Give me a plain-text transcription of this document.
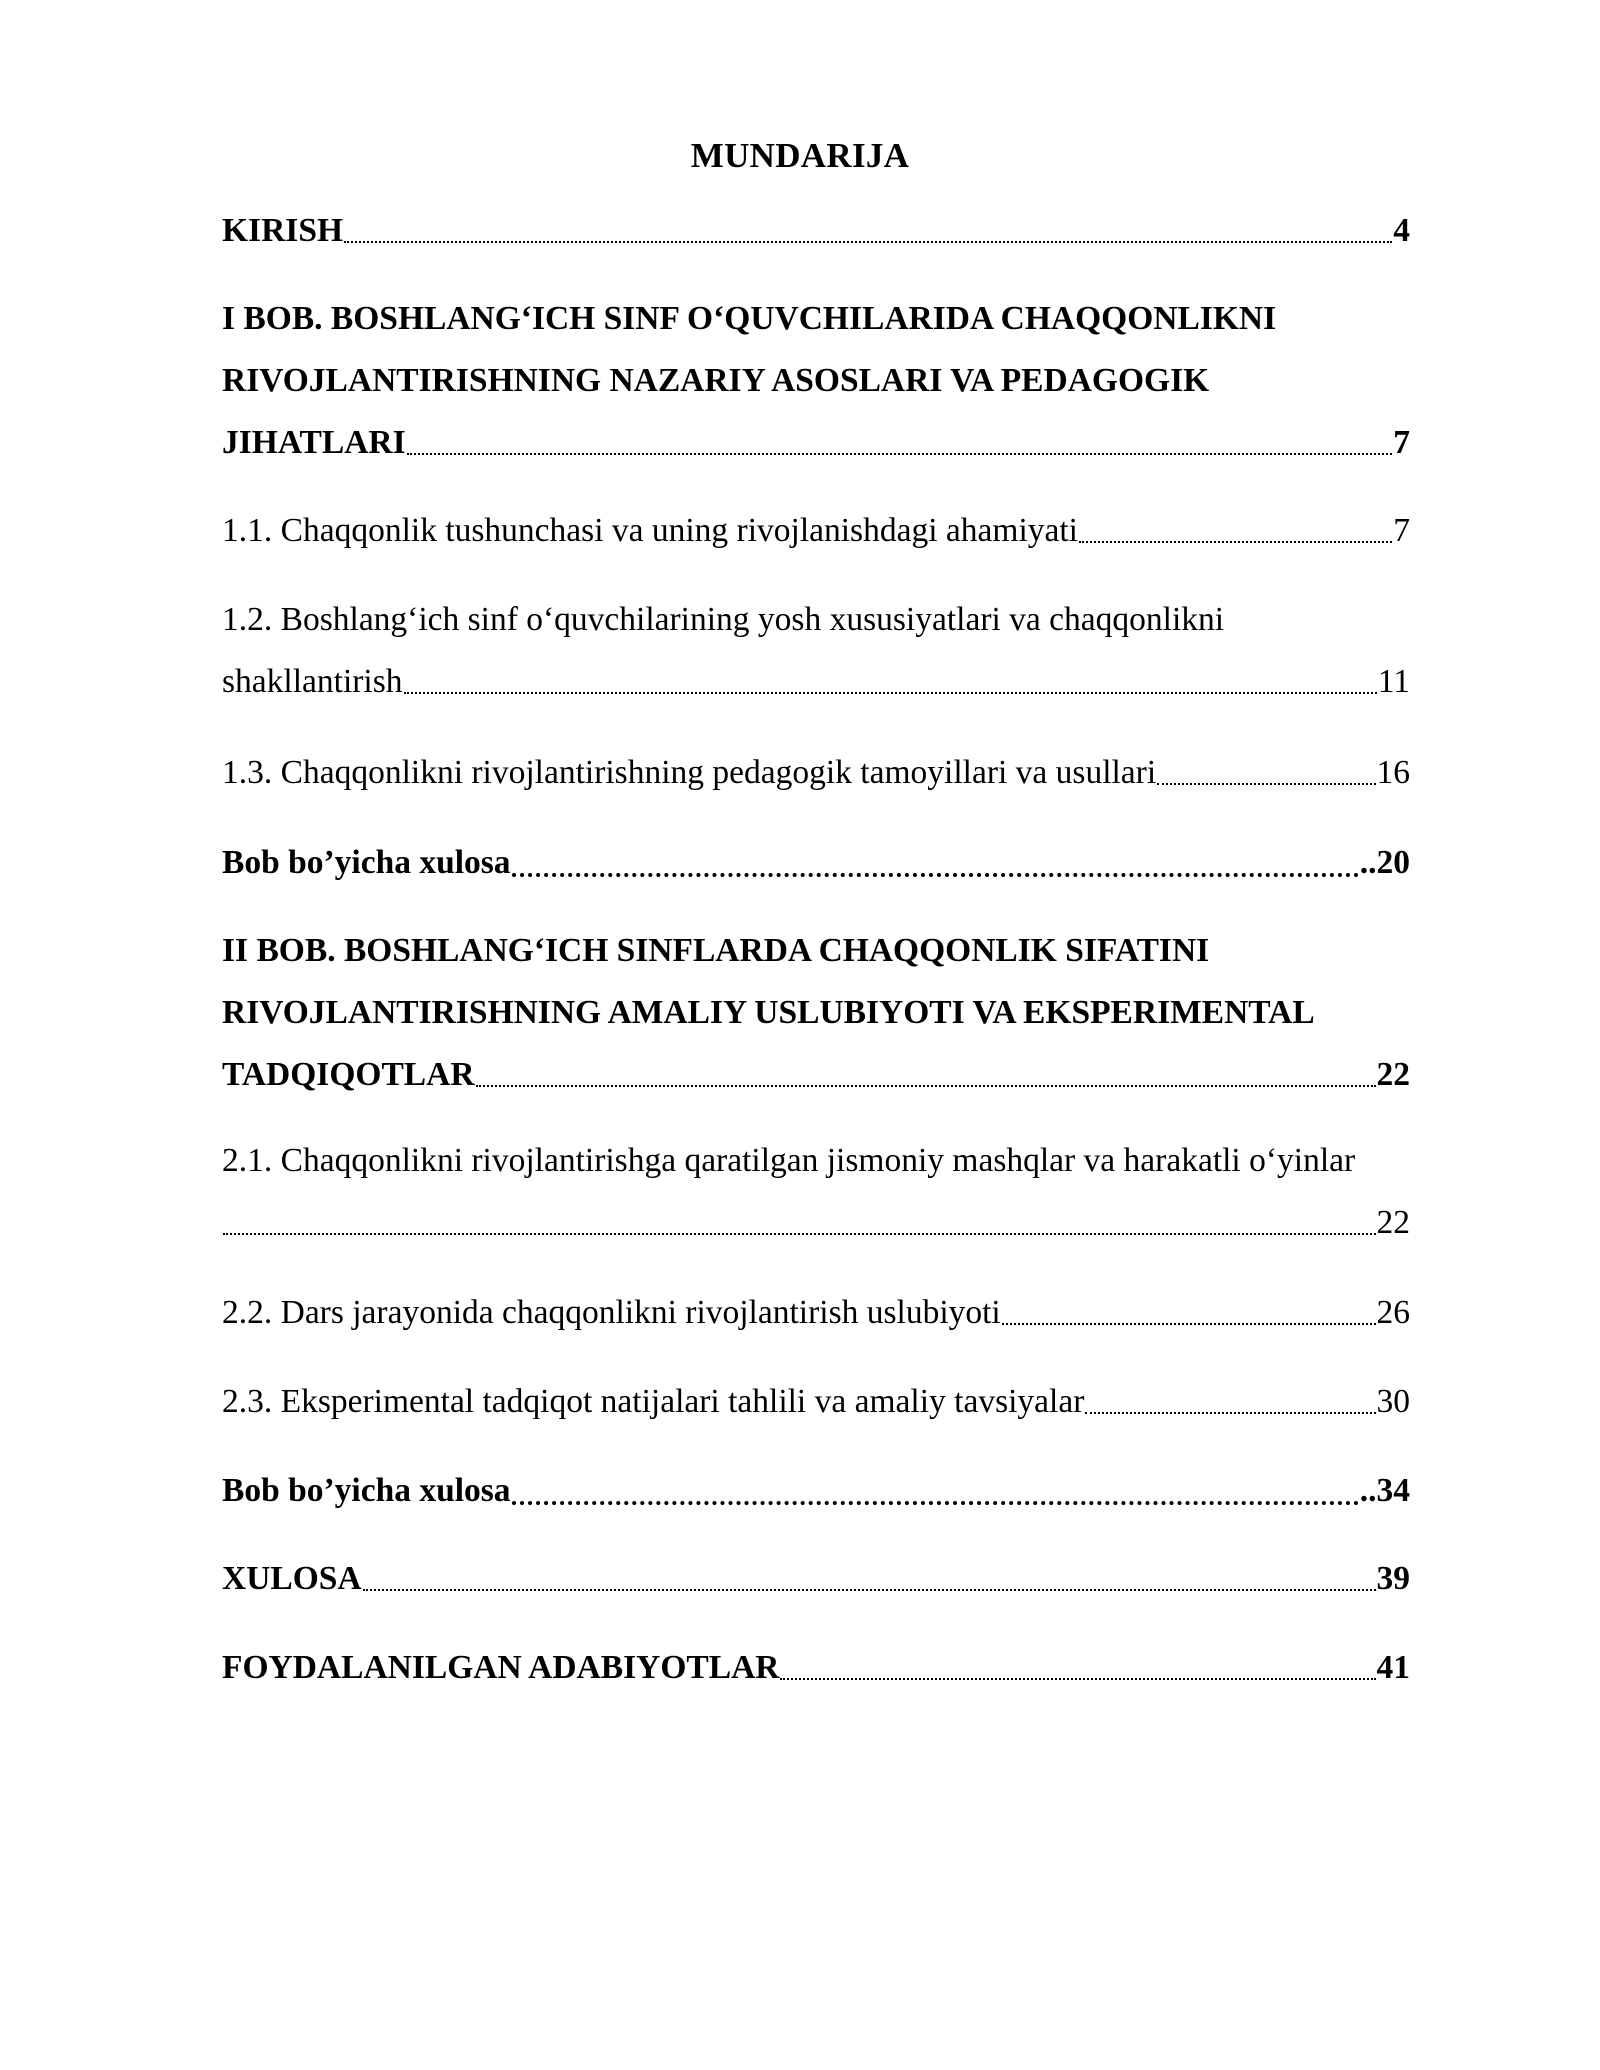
MUNDARIJA
KIRISH	4
I BOB. BOSHLANG‘ICH SINF O‘QUVCHILARIDA CHAQQONLIKNI
RIVOJLANTIRISHNING NAZARIY ASOSLARI VA PEDAGOGIK
JIHATLARI	7
1.1. Chaqqonlik tushunchasi va uning rivojlanishdagi ahamiyati	7
1.2. Boshlang‘ich sinf o‘quvchilarining yosh xususiyatlari va chaqqonlikni
shakllantirish	11
1.3. Chaqqonlikni rivojlantirishning pedagogik tamoyillari va usullari	16
Bob bo’yicha xulosa	..20
II BOB. BOSHLANG‘ICH SINFLARDA CHAQQONLIK SIFATINI
RIVOJLANTIRISHNING AMALIY USLUBIYOTI VA EKSPERIMENTAL
TADQIQOTLAR	22
2.1. Chaqqonlikni rivojlantirishga qaratilgan jismoniy mashqlar va harakatli o‘yinlar
22
2.2. Dars jarayonida chaqqonlikni rivojlantirish uslubiyoti	26
2.3. Eksperimental tadqiqot natijalari tahlili va amaliy tavsiyalar	30
Bob bo’yicha xulosa	..34
XULOSA	39
FOYDALANILGAN ADABIYOTLAR	41
